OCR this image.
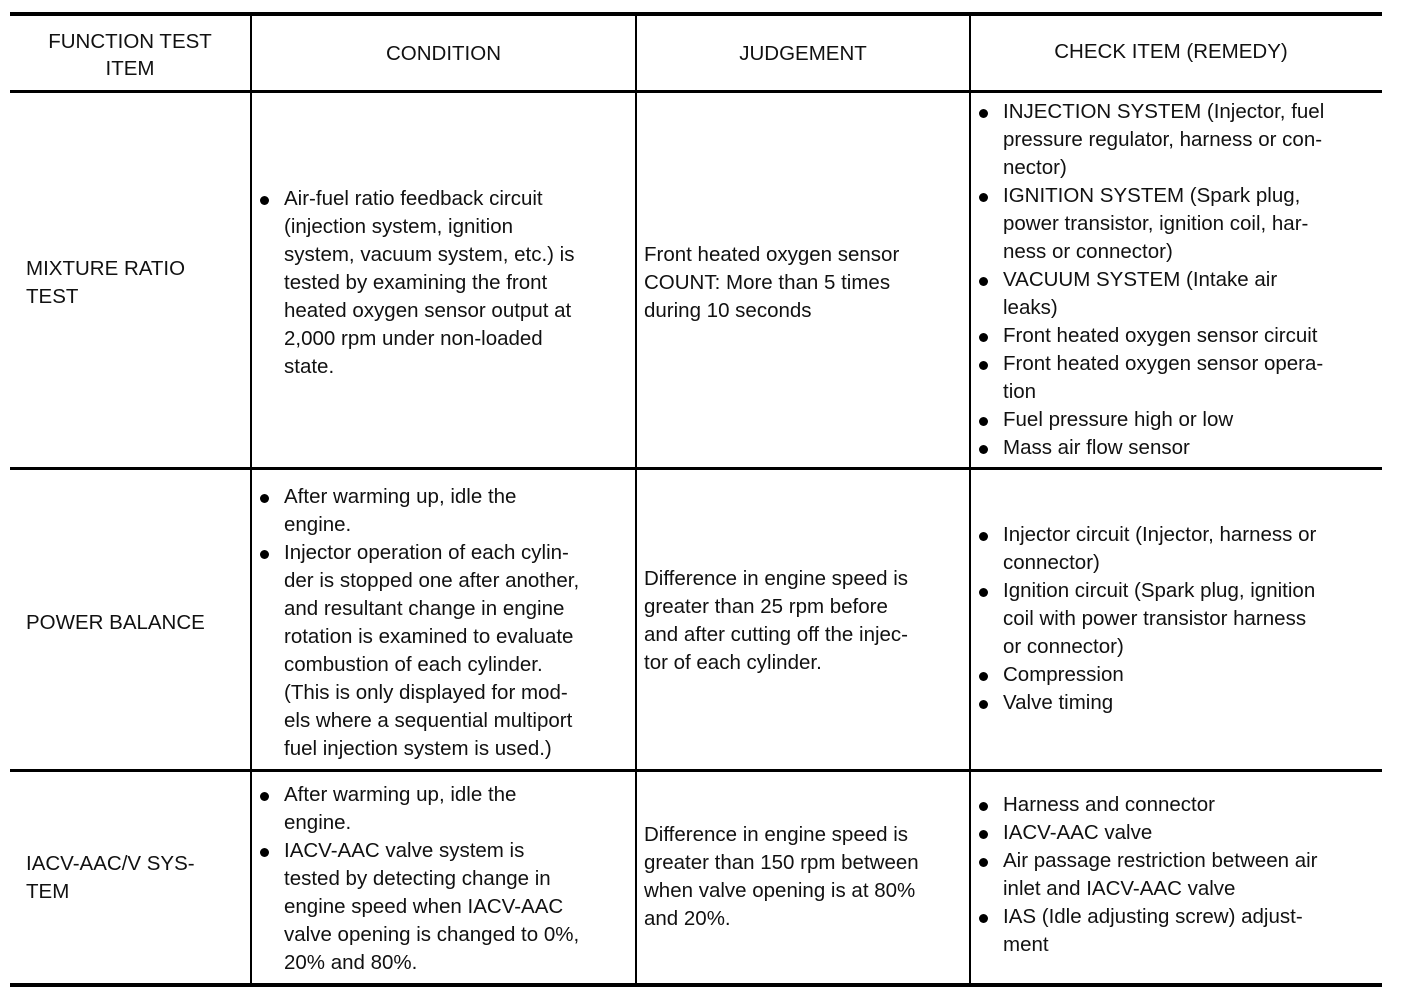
FUNCTION TEST
ITEM
CONDITION	JUDGEMENT	CHECK ITEM (REMEDY)
MIXTURE RATIO
TEST
Air-fuel ratio feedback circuit
(injection system, ignition
system, vacuum system, etc.) is
tested by examining the front
heated oxygen sensor output at
2,000 rpm under non-loaded
state.
Front heated oxygen sensor
COUNT: More than 5 times
during 10 seconds
INJECTION SYSTEM (Injector, fuel
pressure regulator, harness or con-
nector)
IGNITION SYSTEM (Spark plug,
power transistor, ignition coil, har-
ness or connector)
VACUUM SYSTEM (Intake air
leaks)
Front heated oxygen sensor circuit
Front heated oxygen sensor opera-
tion
Fuel pressure high or low
Mass air flow sensor
POWER BALANCE
After warming up, idle the
engine.
Injector operation of each cylin-
der is stopped one after another,
and resultant change in engine
rotation is examined to evaluate
combustion of each cylinder.
(This is only displayed for mod-
els where a sequential multiport
fuel injection system is used.)
Difference in engine speed is
greater than 25 rpm before
and after cutting off the injec-
tor of each cylinder.
Injector circuit (Injector, harness or
connector)
Ignition circuit (Spark plug, ignition
coil with power transistor harness
or connector)
Compression
Valve timing
IACV-AAC/V SYS-
TEM
After warming up, idle the
engine.
IACV-AAC valve system is
tested by detecting change in
engine speed when IACV-AAC
valve opening is changed to 0%,
20% and 80%.
Difference in engine speed is
greater than 150 rpm between
when valve opening is at 80%
and 20%.
Harness and connector
IACV-AAC valve
Air passage restriction between air
inlet and IACV-AAC valve
IAS (Idle adjusting screw) adjust-
ment
